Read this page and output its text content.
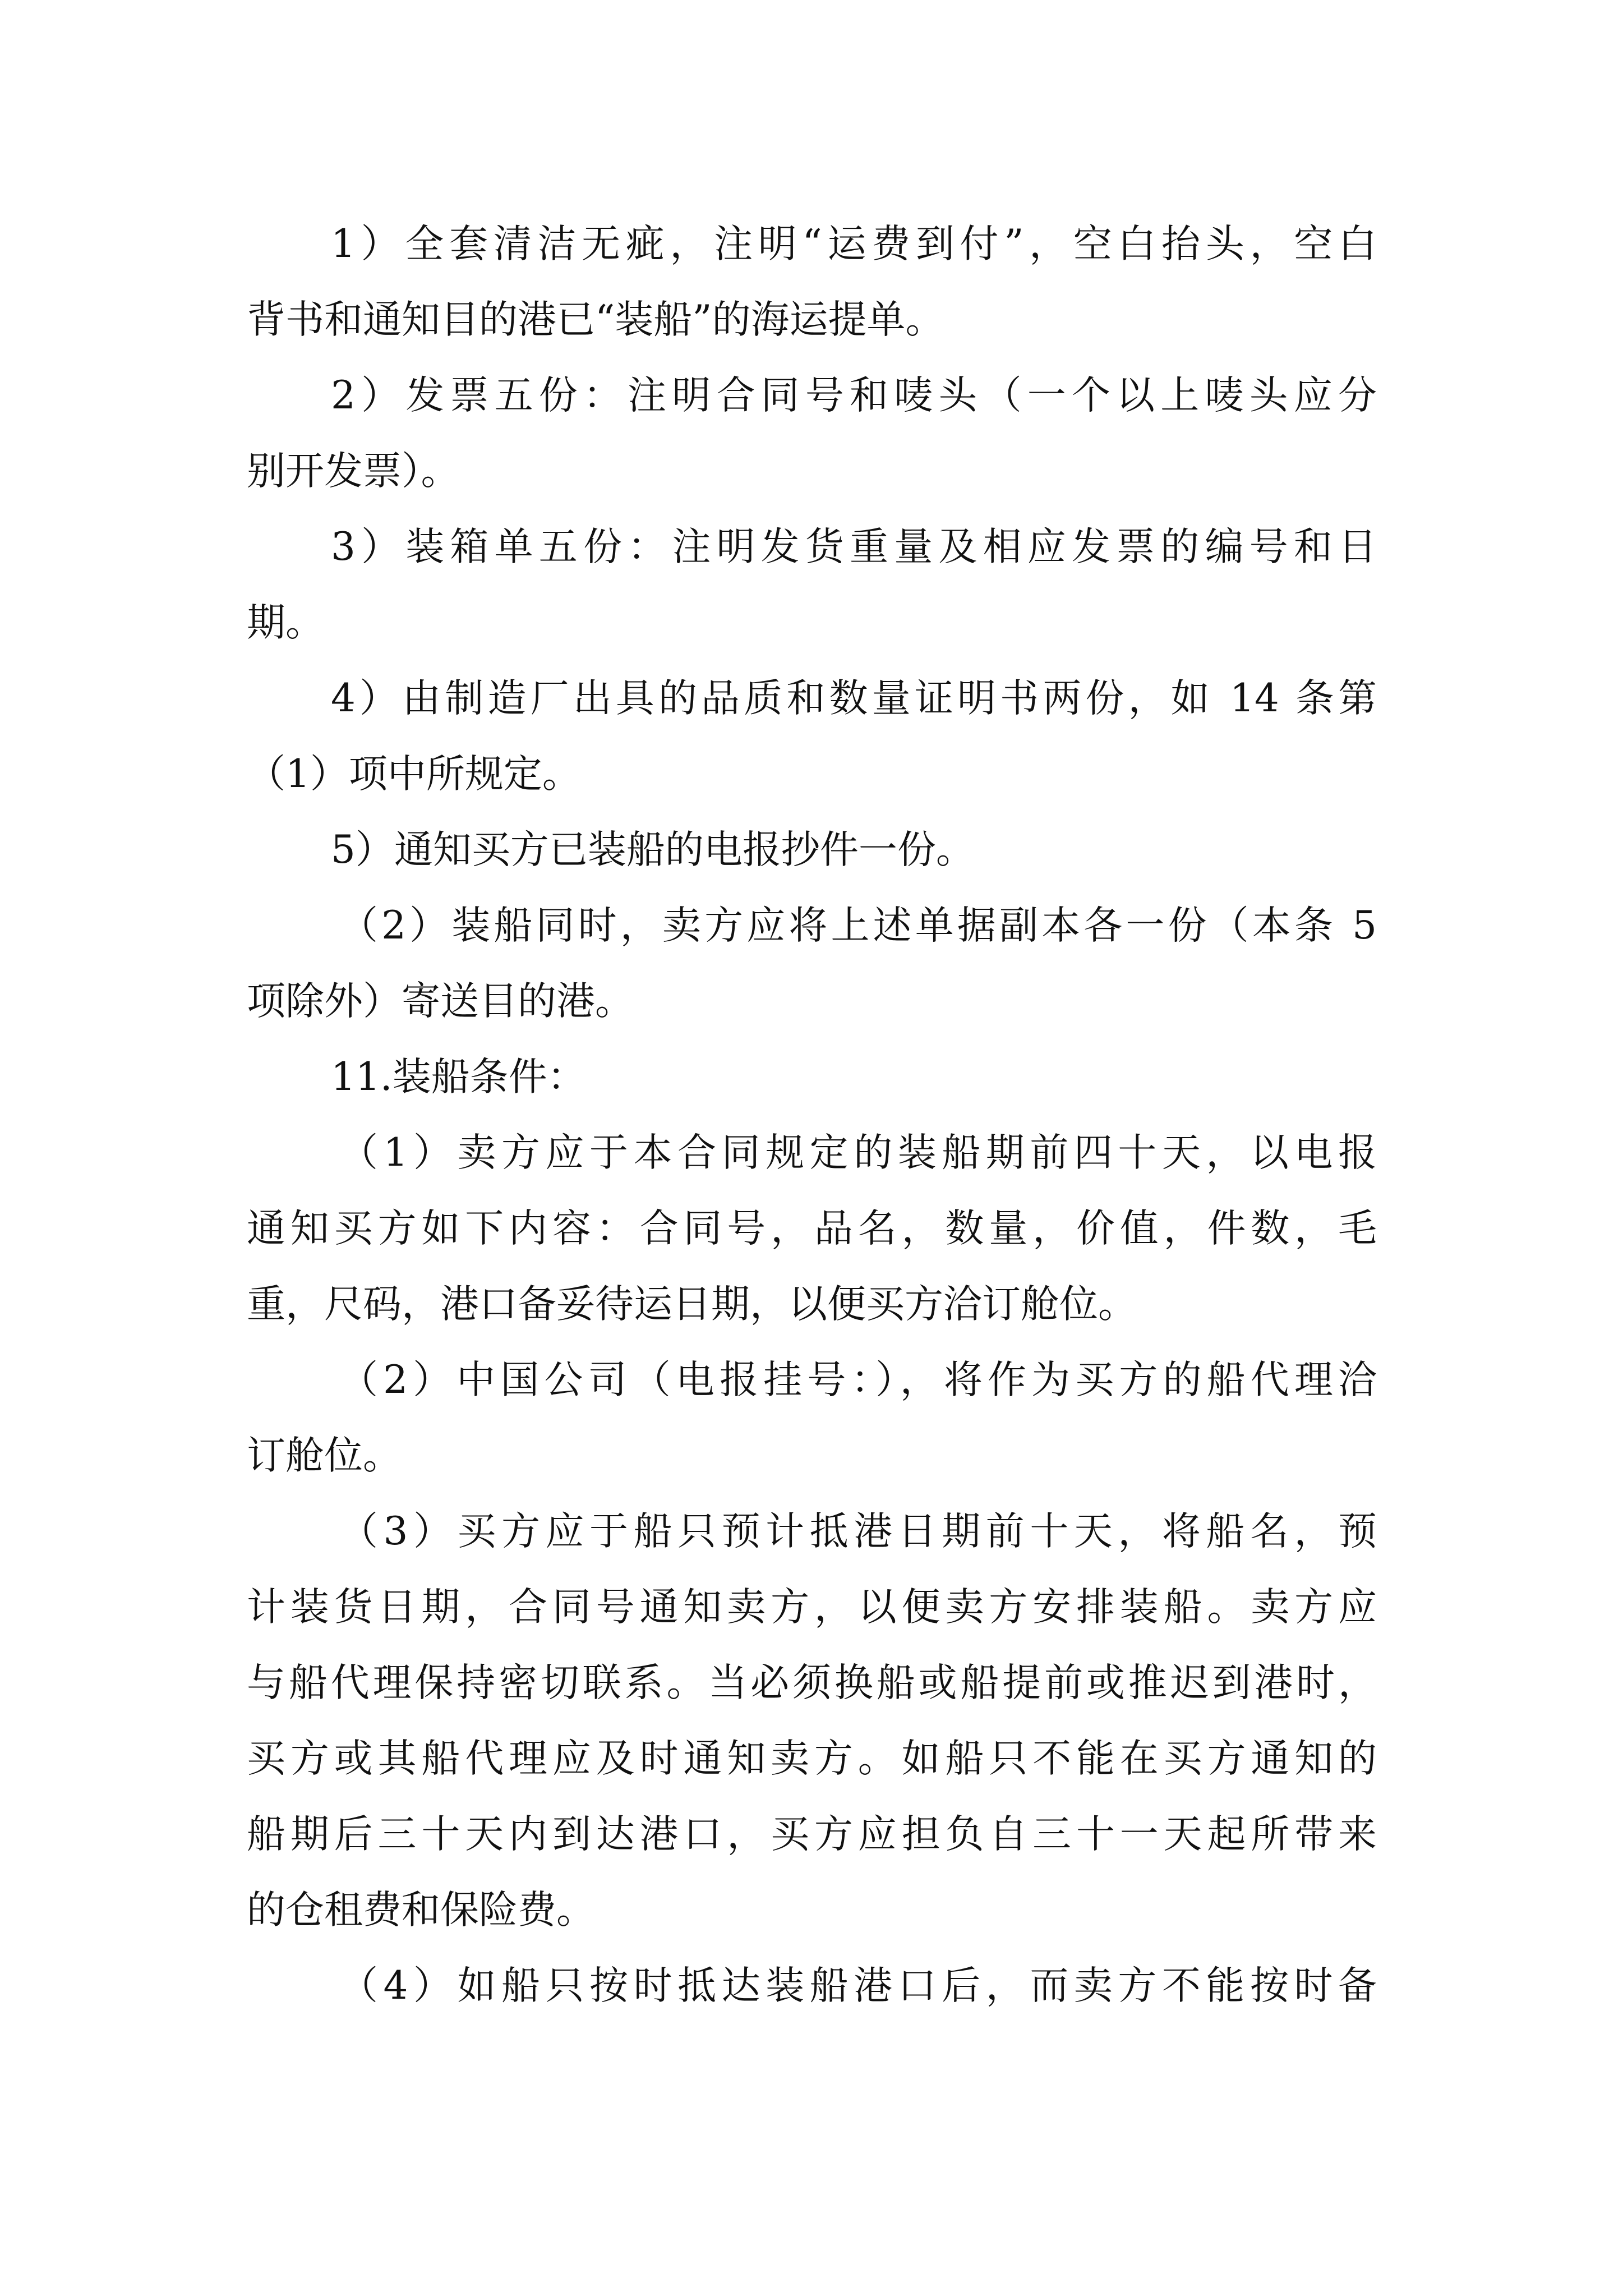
1）全套清洁无疵，注明“运费到付”，空白抬头，空白
背书和通知目的港已“装船”的海运提单。
2）发票五份：注明合同号和唛头（一个以上唛头应分
别开发票）。
3）装箱单五份：注明发货重量及相应发票的编号和日
期。
4）由制造厂出具的品质和数量证明书两份，如 14 条第
（1）项中所规定。
5）通知买方已装船的电报抄件一份。
（2）装船同时，卖方应将上述单据副本各一份（本条 5
项除外）寄送目的港。
11.装船条件：
（1）卖方应于本合同规定的装船期前四十天，以电报
通知买方如下内容：合同号，品名，数量，价值，件数，毛
重，尺码，港口备妥待运日期，以便买方洽订舱位。
（2）中国公司（电报挂号：），将作为买方的船代理洽
订舱位。
（3）买方应于船只预计抵港日期前十天，将船名，预
计装货日期，合同号通知卖方，以便卖方安排装船。卖方应
与船代理保持密切联系。当必须换船或船提前或推迟到港时，
买方或其船代理应及时通知卖方。如船只不能在买方通知的
船期后三十天内到达港口，买方应担负自三十一天起所带来
的仓租费和保险费。
（4）如船只按时抵达装船港口后，而卖方不能按时备
